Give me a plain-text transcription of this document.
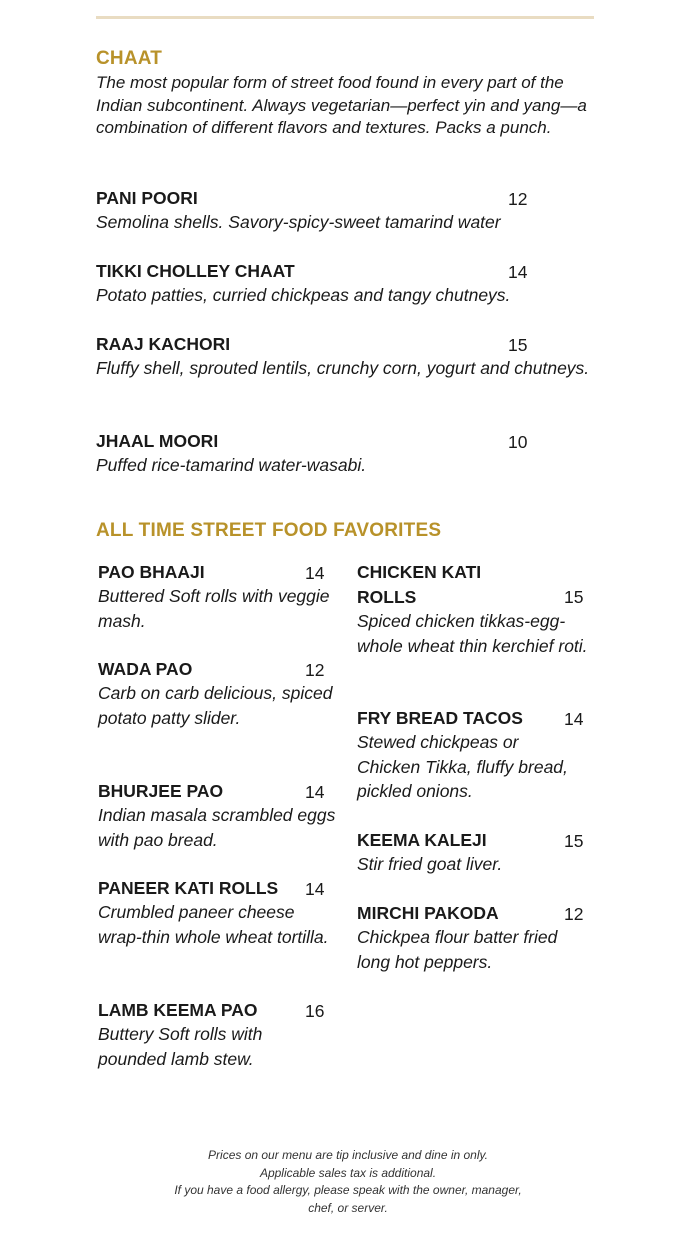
CHAAT
The most popular form of street food found in every part of the Indian subcontinent. Always vegetarian—perfect yin and yang—a combination of different flavors and textures. Packs a punch.
PANI POORI	12
Semolina shells. Savory-spicy-sweet tamarind water
TIKKI CHOLLEY CHAAT	14
Potato patties, curried chickpeas and tangy chutneys.
RAAJ KACHORI	15
Fluffy shell, sprouted lentils, crunchy corn, yogurt and chutneys.
JHAAL MOORI	10
Puffed rice-tamarind water-wasabi.
ALL TIME STREET FOOD FAVORITES
PAO BHAAJI	14
Buttered Soft rolls with veggie mash.
WADA PAO	12
Carb on carb delicious, spiced potato patty slider.
BHURJEE PAO	14
Indian masala scrambled eggs with pao bread.
PANEER KATI ROLLS 14
Crumbled paneer cheese wrap-thin whole wheat tortilla.
LAMB KEEMA PAO	16
Buttery Soft rolls with pounded lamb stew.
CHICKEN KATI ROLLS	15
Spiced chicken tikkas-egg- whole wheat thin kerchief roti.
FRY BREAD TACOS 14
Stewed chickpeas or Chicken Tikka, fluffy bread, pickled onions.
KEEMA KALEJI	15
Stir fried goat liver.
MIRCHI PAKODA	12
Chickpea flour batter fried long hot peppers.
Prices on our menu are tip inclusive and dine in only.
Applicable sales tax is additional.
If you have a food allergy, please speak with the owner, manager,
chef, or server.
